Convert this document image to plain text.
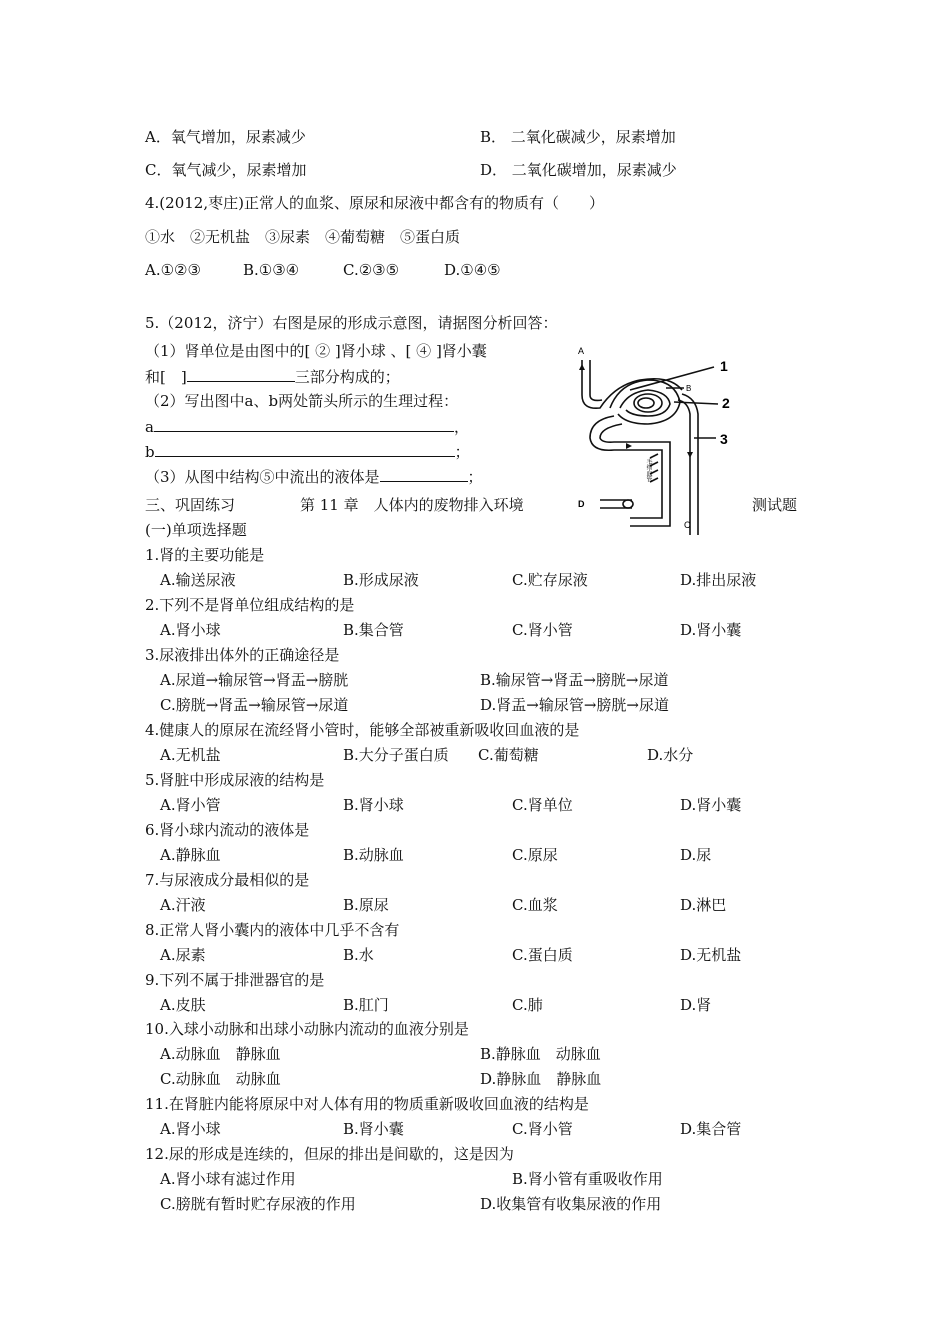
A．氧气增加，尿素减少	B． 二氧化碳减少，尿素增加
C．氧气减少，尿素增加	D． 二氧化碳增加，尿素减少
4.(2012,枣庄)正常人的血浆、原尿和尿液中都含有的物质有（　　）
①水　②无机盐　③尿素　④葡萄糖　⑤蛋白质
A.①②③	B.①③④	C.②③⑤	D.①④⑤
5.（2012，济宁）右图是尿的形成示意图，请据图分析回答：
（1）肾单位是由图中的[ ② ]肾小球 、[ ④ ]肾小囊
和[　]	三部分构成的；
（2）写出图中a、b两处箭头所示的生理过程：
a	，
b	；
（3）从图中结构⑤中流出的液体是	；
A
B
C
D
1
2
3
毛细血管
三、巩固练习	第 11 章　人体内的废物排入环境	测试题
(一)单项选择题
1.肾的主要功能是
A.输送尿液	B.形成尿液	C.贮存尿液	D.排出尿液
2.下列不是肾单位组成结构的是
A.肾小球	B.集合管	C.肾小管	D.肾小囊
3.尿液排出体外的正确途径是
A.尿道→输尿管→肾盂→膀胱	B.输尿管→肾盂→膀胱→尿道
C.膀胱→肾盂→输尿管→尿道	D.肾盂→输尿管→膀胱→尿道
4.健康人的原尿在流经肾小管时，能够全部被重新吸收回血液的是
A.无机盐	B.大分子蛋白质 C.葡萄糖	D.水分
5.肾脏中形成尿液的结构是
A.肾小管	B.肾小球	C.肾单位	D.肾小囊
6.肾小球内流动的液体是
A.静脉血	B.动脉血	C.原尿	D.尿
7.与尿液成分最相似的是
A.汗液	B.原尿	C.血浆	D.淋巴
8.正常人肾小囊内的液体中几乎不含有
A.尿素	B.水	C.蛋白质	D.无机盐
9.下列不属于排泄器官的是
A.皮肤	B.肛门	C.肺	D.肾
10.入球小动脉和出球小动脉内流动的血液分别是
A.动脉血　静脉血	B.静脉血　动脉血
C.动脉血　动脉血	D.静脉血　静脉血
11.在肾脏内能将原尿中对人体有用的物质重新吸收回血液的结构是
A.肾小球	B.肾小囊	C.肾小管	D.集合管
12.尿的形成是连续的，但尿的排出是间歇的，这是因为
A.肾小球有滤过作用	B.肾小管有重吸收作用
C.膀胱有暂时贮存尿液的作用	D.收集管有收集尿液的作用
